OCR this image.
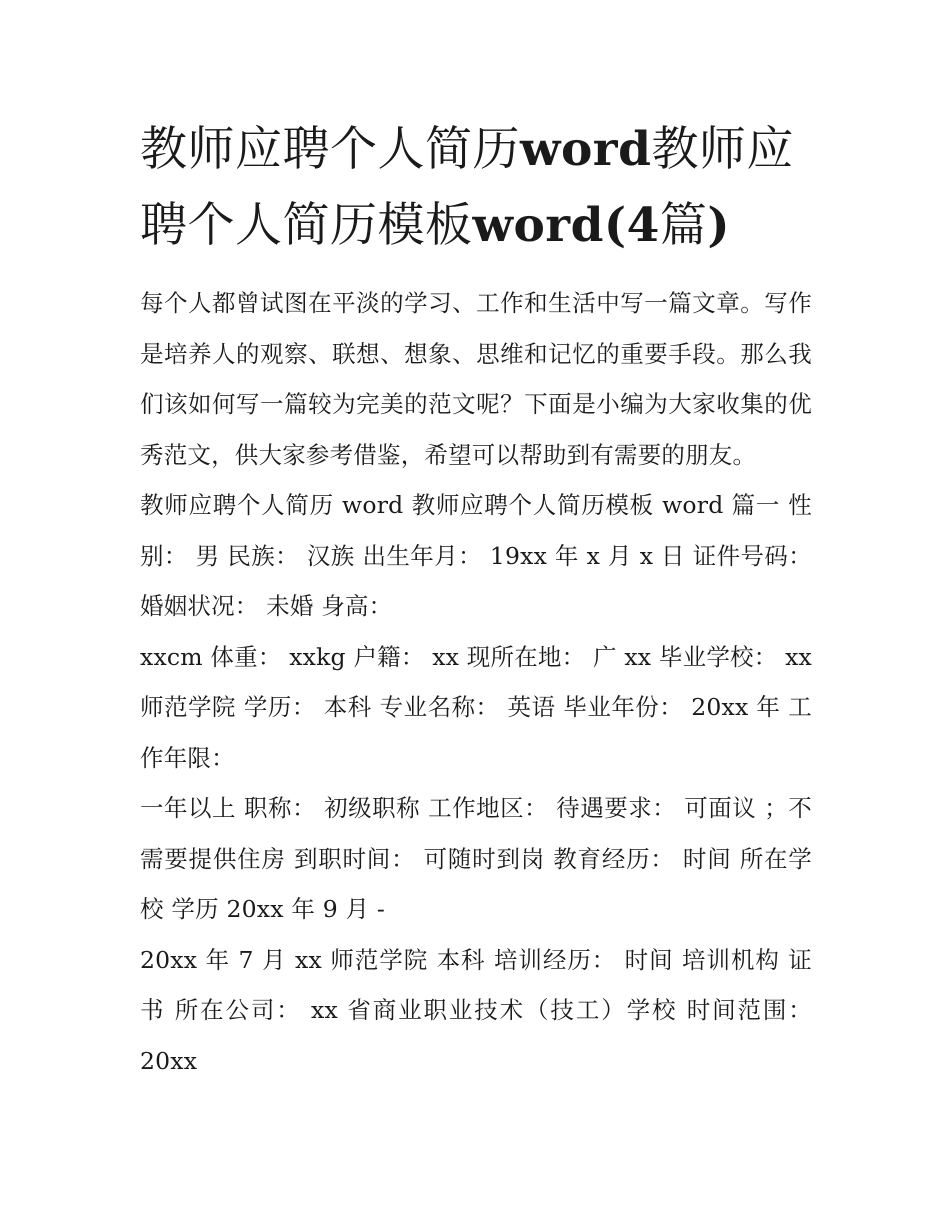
教师应聘个人简历word教师应聘个人简历模板word(4篇)

每个人都曾试图在平淡的学习、工作和生活中写一篇文章。写作是培养人的观察、联想、想象、思维和记忆的重要手段。那么我们该如何写一篇较为完美的范文呢？下面是小编为大家收集的优秀范文，供大家参考借鉴，希望可以帮助到有需要的朋友。

教师应聘个人简历 word 教师应聘个人简历模板 word 篇一 性别： 男 民族： 汉族 出生年月： 19xx 年 x 月 x 日 证件号码： 婚姻状况： 未婚 身高：

xxcm 体重： xxkg 户籍： xx 现所在地： 广 xx 毕业学校： xx 师范学院 学历： 本科 专业名称： 英语 毕业年份： 20xx 年 工作年限：

一年以上 职称： 初级职称 工作地区： 待遇要求： 可面议 ；不需要提供住房 到职时间： 可随时到岗 教育经历： 时间 所在学校 学历 20xx 年 9 月 -

20xx 年 7 月 xx 师范学院 本科 培训经历： 时间 培训机构 证书 所在公司： xx 省商业职业技术（技工）学校 时间范围： 20xx
